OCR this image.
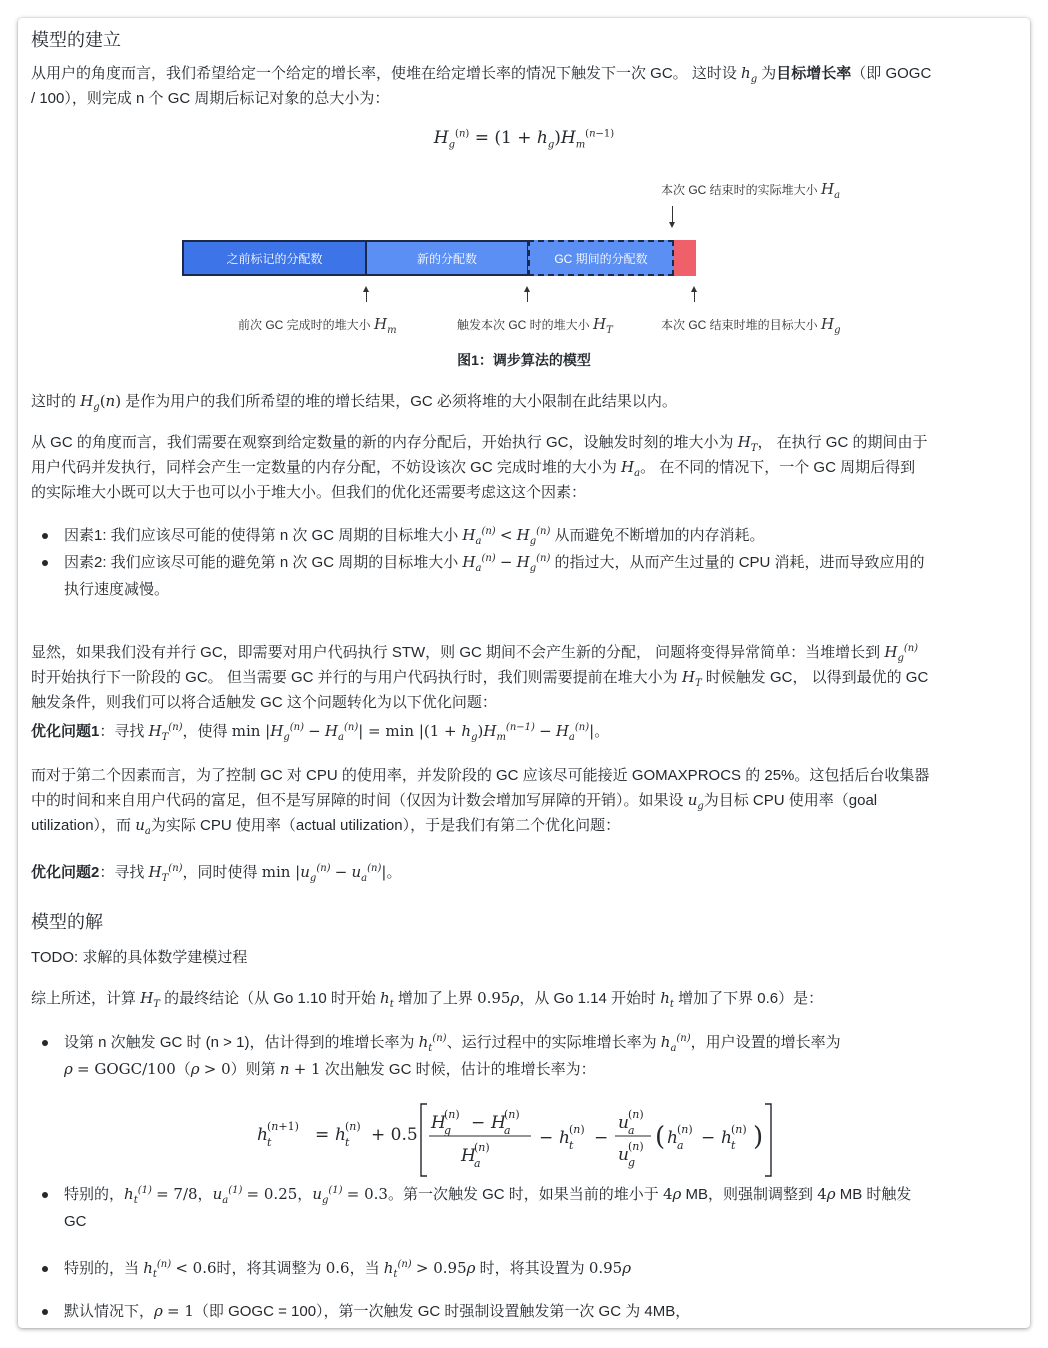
模型的建立

从用户的角度而言，我们希望给定一个给定的增长率，使堆在给定增长率的情况下触发下一次 GC。 这时设 $h_g$ 为目标增长率（即 GOGC
/ 100），则完成 n 个 GC 周期后标记对象的总大小为：

$H_g^{(n)} = (1 + h_g)H_m^{(n-1)}$
本次 GC 结束时的实际堆大小 $H_a$
之前标记的分配数	新的分配数	GC 期间的分配数
前次 GC 完成时的堆大小 $H_m$	触发本次 GC 时的堆大小 $H_T$	本次 GC 结束时堆的目标大小 $H_g$
图1：调步算法的模型

这时的 $H_g(n)$ 是作为用户的我们所希望的堆的增长结果，GC 必须将堆的大小限制在此结果以内。

从 GC 的角度而言，我们需要在观察到给定数量的新的内存分配后，开始执行 GC，设触发时刻的堆大小为 $H_T$， 在执行 GC 的期间由于
用户代码并发执行，同样会产生一定数量的内存分配，不妨设该次 GC 完成时堆的大小为 $H_a$。 在不同的情况下，一个 GC 周期后得到
的实际堆大小既可以大于也可以小于堆大小。但我们的优化还需要考虑这这个因素：

因素1: 我们应该尽可能的使得第 n 次 GC 周期的目标堆大小 $H_a^{(n)} < H_g^{(n)}$ 从而避免不断增加的内存消耗。
因素2: 我们应该尽可能的避免第 n 次 GC 周期的目标堆大小 $H_a^{(n)} - H_g^{(n)}$ 的指过大，从而产生过量的 CPU 消耗，进而导致应用的
执行速度减慢。

显然，如果我们没有并行 GC，即需要对用户代码执行 STW，则 GC 期间不会产生新的分配， 问题将变得异常简单：当堆增长到 $H_g^{(n)}$
时开始执行下一阶段的 GC。 但当需要 GC 并行的与用户代码执行时，我们则需要提前在堆大小为 $H_T$ 时候触发 GC， 以得到最优的 GC
触发条件，则我们可以将合适触发 GC 这个问题转化为以下优化问题：

优化问题1：寻找 $H_T^{(n)}$，使得 $\min |H_g^{(n)} - H_a^{(n)}| = \min |(1 + h_g)H_m^{(n-1)} - H_a^{(n)}|$。

而对于第二个因素而言，为了控制 GC 对 CPU 的使用率，并发阶段的 GC 应该尽可能接近 GOMAXPROCS 的 25%。这包括后台收集器
中的时间和来自用户代码的富足，但不是写屏障的时间（仅因为计数会增加写屏障的开销）。如果设 $u_g$为目标 CPU 使用率（goal
utilization），而 $u_a$为实际 CPU 使用率（actual utilization），于是我们有第二个优化问题：

优化问题2：寻找 $H_T^{(n)}$，同时使得 $\min |u_g^{(n)} - u_a^{(n)}|$。

模型的解

TODO: 求解的具体数学建模过程

综上所述，计算 $H_T$ 的最终结论（从 Go 1.10 时开始 $h_t$ 增加了上界 0.95ρ，从 Go 1.14 开始时 $h_t$ 增加了下界 0.6）是：

设第 n 次触发 GC 时 (n > 1)，估计得到的堆增长率为 $h_t^{(n)}$、运行过程中的实际堆增长率为 $h_a^{(n)}$，用户设置的增长率为
ρ = GOGC/100（ρ > 0）则第 n + 1 次出触发 GC 时候，估计的堆增长率为：
h t
(n+1) = h t
(n) + 0.5
H
g
(n) − H
a
(n)
H
a
(n)	− h t
(n) −
u a
(n)
u g
(n) ( h a
(n) − h t
(n) )
特别的，$h_t^{(1)} = 7/8$，$u_a^{(1)} = 0.25$，$u_g^{(1)} = 0.3$。第一次触发 GC 时，如果当前的堆小于 4ρ MB，则强制调整到 4ρ MB 时触发
GC
特别的，当 $h_t^{(n)} < 0.6$时，将其调整为 0.6，当 $h_t^{(n)} > 0.95\rho$ 时，将其设置为 0.95ρ
默认情况下，ρ = 1（即 GOGC = 100），第一次触发 GC 时强制设置触发第一次 GC 为 4MB，
